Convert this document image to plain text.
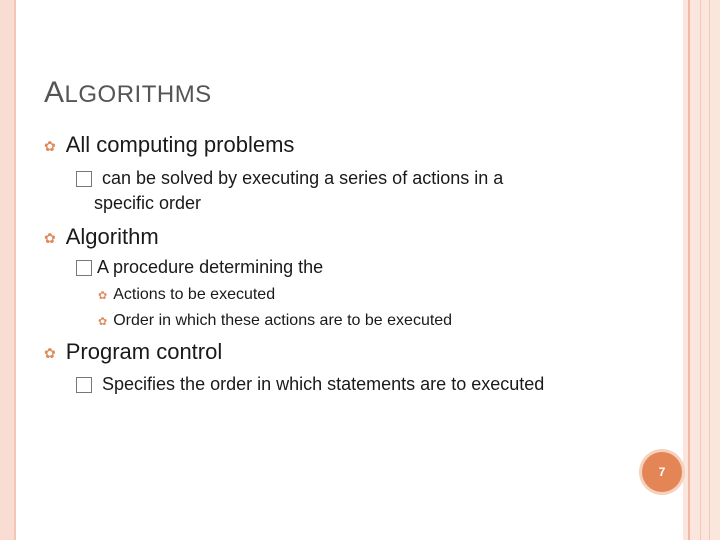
ALGORITHMS
✿ All computing problems
can be solved by executing a series of actions in a
specific order
✿ Algorithm
A procedure determining the
✿ Actions to be executed
✿ Order in which these actions are to be executed
✿ Program control
Specifies the order in which statements are to executed
7
